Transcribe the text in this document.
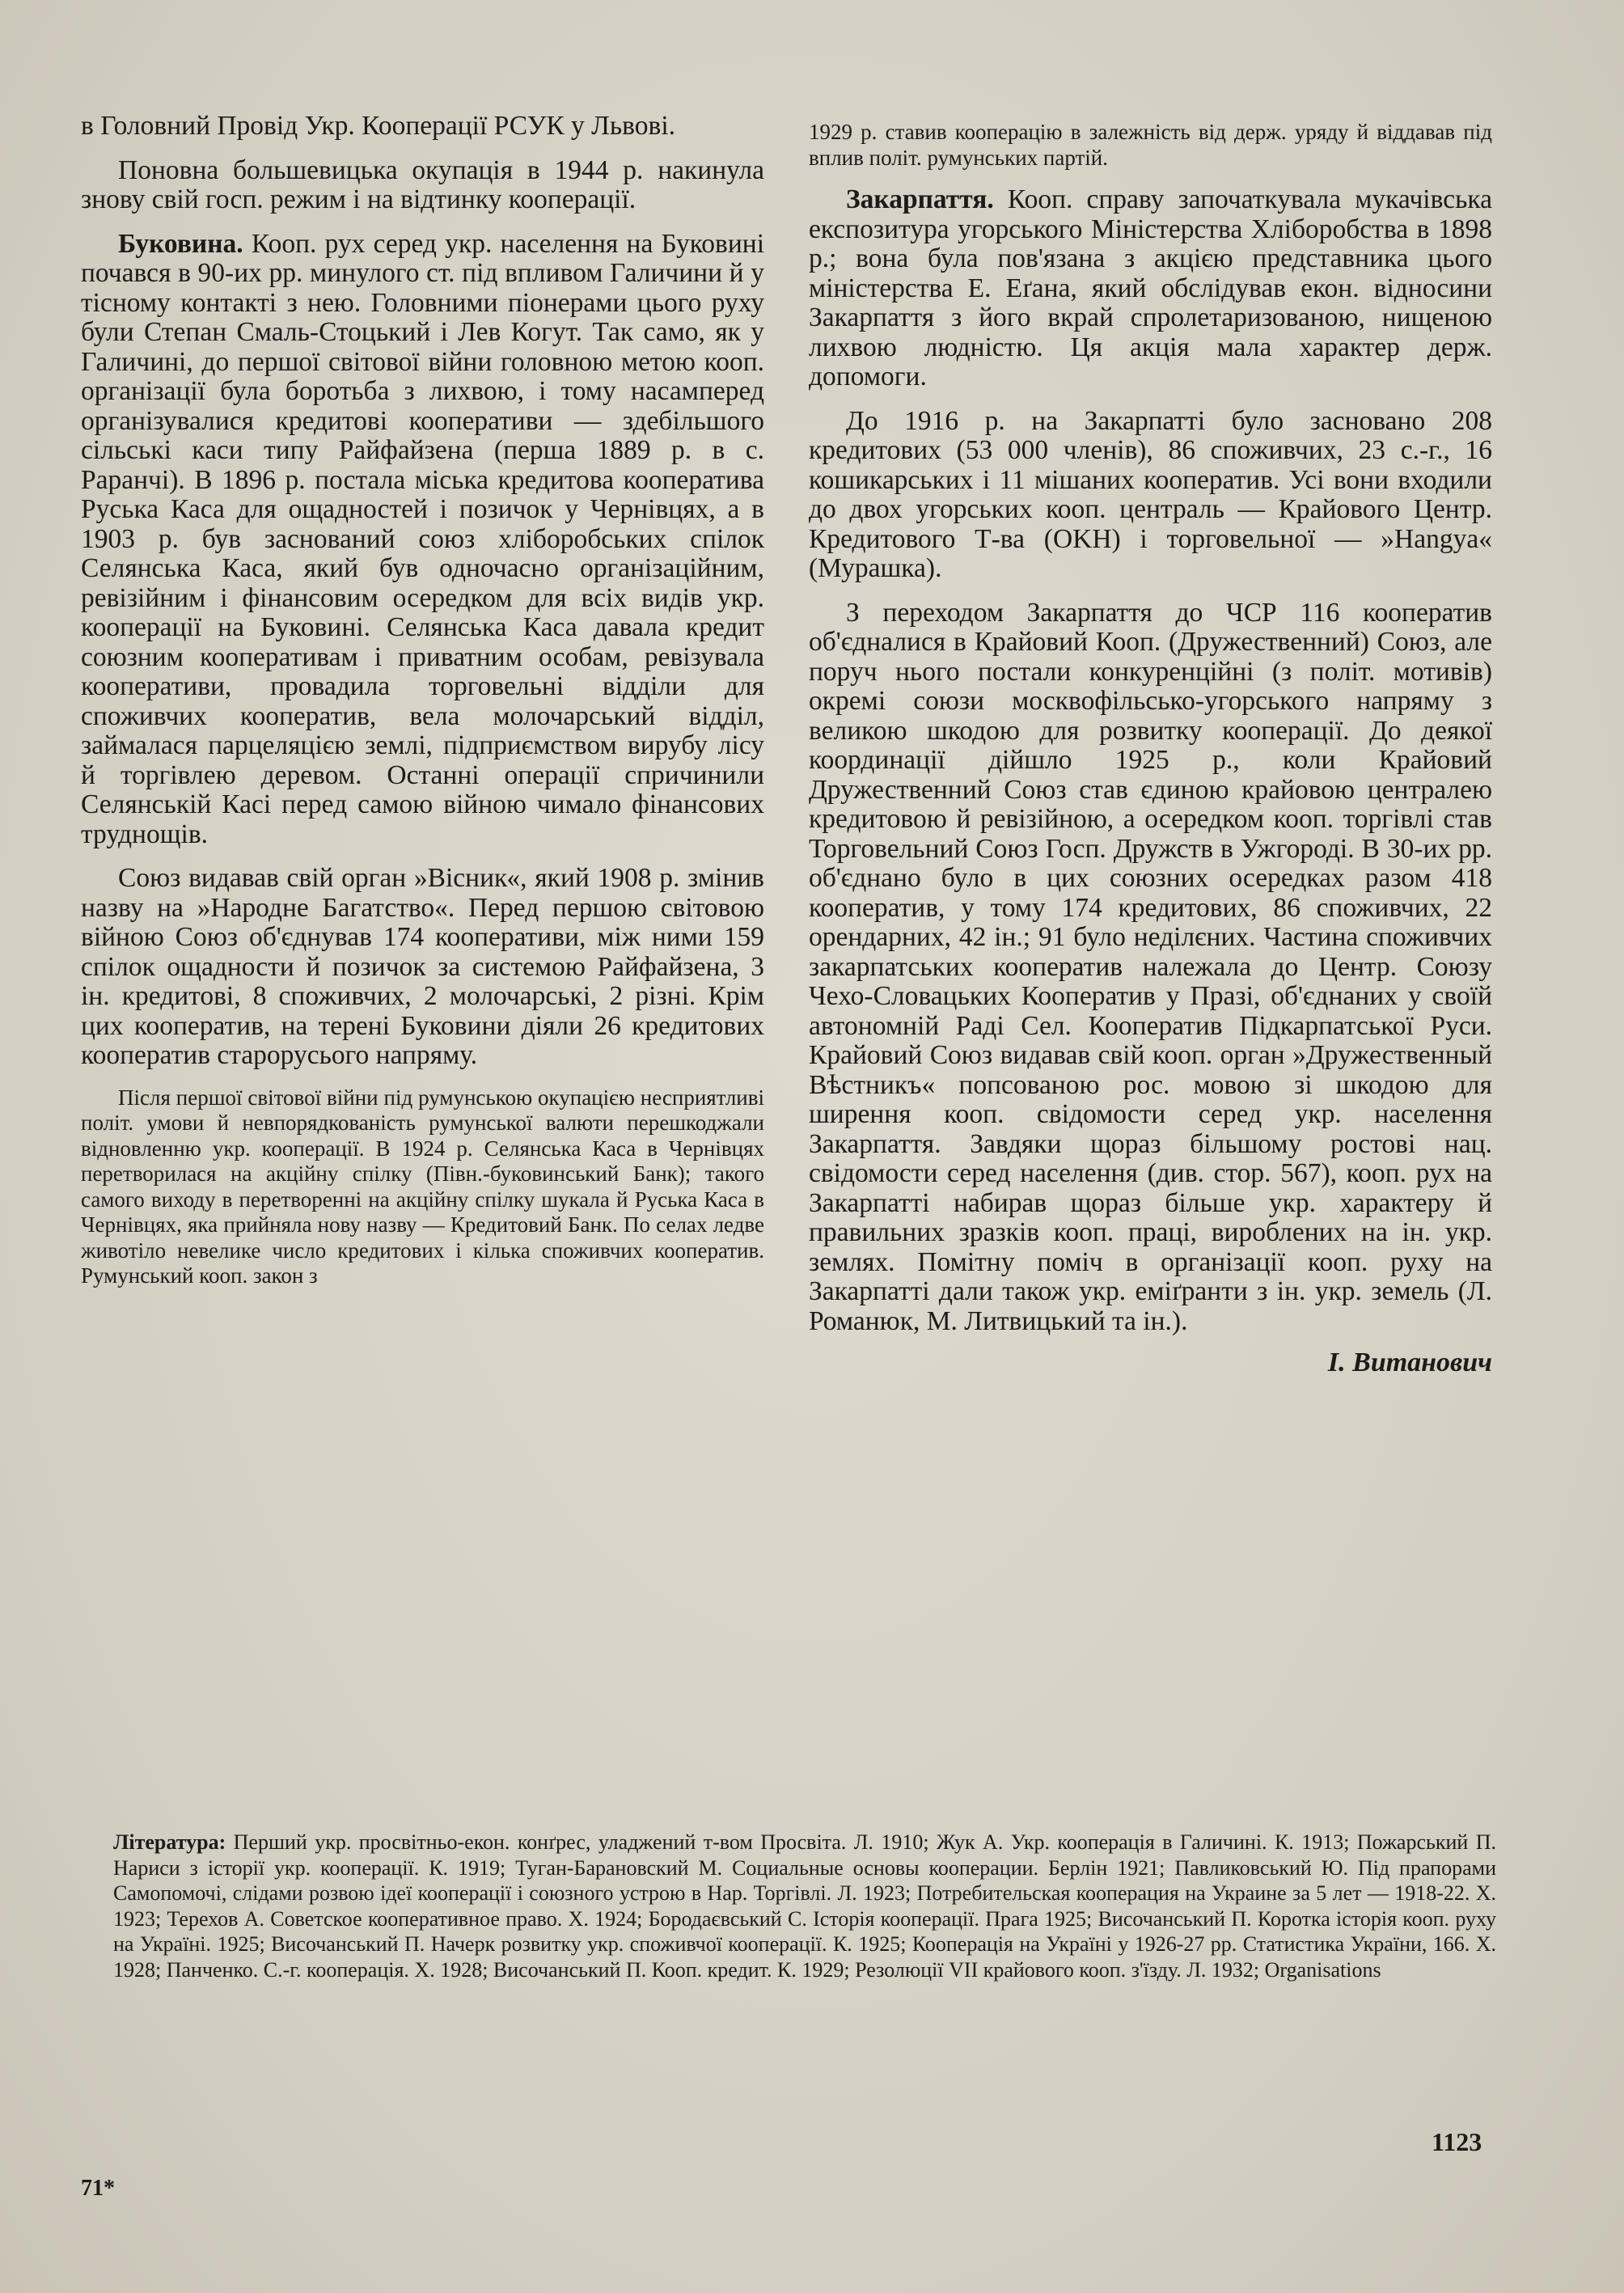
в Головний Провід Укр. Кооперації РСУК у Львові.

Поновна большевицька окупація в 1944 р. накинула знову свій госп. режим і на відтинку кооперації.

Буковина. Кооп. рух серед укр. населення на Буковині почався в 90-их рр. минулого ст. під впливом Галичини й у тісному контакті з нею. Головними піонерами цього руху були Степан Смаль-Стоцький і Лев Когут. Так само, як у Галичині, до першої світової війни головною метою кооп. організації була боротьба з лихвою, і тому насамперед організувалися кредитові кооперативи — здебільшого сільські каси типу Райфайзена (перша 1889 р. в с. Раранчі). В 1896 р. постала міська кредитова кооператива Руська Каса для ощадностей і позичок у Чернівцях, а в 1903 р. був заснований союз хліборобських спілок Селянська Каса, який був одночасно організаційним, ревізійним і фінансовим осередком для всіх видів укр. кооперації на Буковині. Селянська Каса давала кредит союзним кооперативам і приватним особам, ревізувала кооперативи, провадила торговельні відділи для споживчих кооператив, вела молочарський відділ, займалася парцеляцією землі, підприємством вирубу лісу й торгівлею деревом. Останні операції спричинили Селянській Касі перед самою війною чимало фінансових труднощів.

Союз видавав свій орган »Вісник«, який 1908 р. змінив назву на »Народне Багатство«. Перед першою світовою війною Союз об'єднував 174 кооперативи, між ними 159 спілок ощадности й позичок за системою Райфайзена, 3 ін. кредитові, 8 споживчих, 2 молочарські, 2 різні. Крім цих кооператив, на терені Буковини діяли 26 кредитових кооператив старорусього напряму.

Після першої світової війни під румунською окупацією несприятливі політ. умови й невпорядкованість румунської валюти перешкоджали відновленню укр. кооперації. В 1924 р. Селянська Каса в Чернівцях перетворилася на акційну спілку (Півн.-буковинський Банк); такого самого виходу в перетворенні на акційну спілку шукала й Руська Каса в Чернівцях, яка прийняла нову назву — Кредитовий Банк. По селах ледве животіло невелике число кредитових і кілька споживчих кооператив. Румунський кооп. закон з

1929 р. ставив кооперацію в залежність від держ. уряду й віддавав під вплив політ. румунських партій.

Закарпаття. Кооп. справу започаткувала мукачівська експозитура угорського Міністерства Хліборобства в 1898 р.; вона була пов'язана з акцією представника цього міністерства Е. Еґана, який обслідував екон. відносини Закарпаття з його вкрай спролетаризованою, нищеною лихвою людністю. Ця акція мала характер держ. допомоги.

До 1916 р. на Закарпатті було засновано 208 кредитових (53 000 членів), 86 споживчих, 23 с.-г., 16 кошикарських і 11 мішаних кооператив. Усі вони входили до двох угорських кооп. централь — Крайового Центр. Кредитового Т-ва (OKH) і торговельної — »Hangya« (Мурашка).

З переходом Закарпаття до ЧСР 116 кооператив об'єдналися в Крайовий Кооп. (Дружественний) Союз, але поруч нього постали конкуренційні (з політ. мотивів) окремі союзи москвофільсько-угорського напряму з великою шкодою для розвитку кооперації. До деякої координації дійшло 1925 р., коли Крайовий Дружественний Союз став єдиною крайовою централею кредитовою й ревізійною, а осередком кооп. торгівлі став Торговельний Союз Госп. Дружств в Ужгороді. В 30-их рр. об'єднано було в цих союзних осередках разом 418 кооператив, у тому 174 кредитових, 86 споживчих, 22 орендарних, 42 ін.; 91 було неділєних. Частина споживчих закарпатських кооператив належала до Центр. Союзу Чехо-Словацьких Кооператив у Празі, об'єднаних у своїй автономній Раді Сел. Кооператив Підкарпатської Руси. Крайовий Союз видавав свій кооп. орган »Дружественный Вѣстникъ« попсованою рос. мовою зі шкодою для ширення кооп. свідомости серед укр. населення Закарпаття. Завдяки щораз більшому ростові нац. свідомости серед населення (див. стор. 567), кооп. рух на Закарпатті набирав щораз більше укр. характеру й правильних зразків кооп. праці, вироблених на ін. укр. землях. Помітну поміч в організації кооп. руху на Закарпатті дали також укр. еміґранти з ін. укр. земель (Л. Романюк, М. Литвицький та ін.).

І. Витанович
Література: Перший укр. просвітньо-екон. конґрес, уладжений т-вом Просвіта. Л. 1910; Жук А. Укр. кооперація в Галичині. К. 1913; Пожарський П. Нариси з історії укр. кооперації. К. 1919; Туган-Барановский М. Социальные основы кооперации. Берлін 1921; Павликовський Ю. Під прапорами Самопомочі, слідами розвою ідеї кооперації і союзного устрою в Нар. Торгівлі. Л. 1923; Потребительская кооперация на Украине за 5 лет — 1918-22. Х. 1923; Терехов А. Советское кооперативное право. Х. 1924; Бородаєвський С. Історія кооперації. Прага 1925; Височанський П. Коротка історія кооп. руху на Україні. 1925; Височанський П. Начерк розвитку укр. споживчої кооперації. К. 1925; Кооперація на Україні у 1926-27 рр. Статистика України, 166. Х. 1928; Панченко. С.-г. кооперація. Х. 1928; Височанський П. Кооп. кредит. К. 1929; Резолюції VII крайового кооп. з'їзду. Л. 1932; Organisations
1123
71*
